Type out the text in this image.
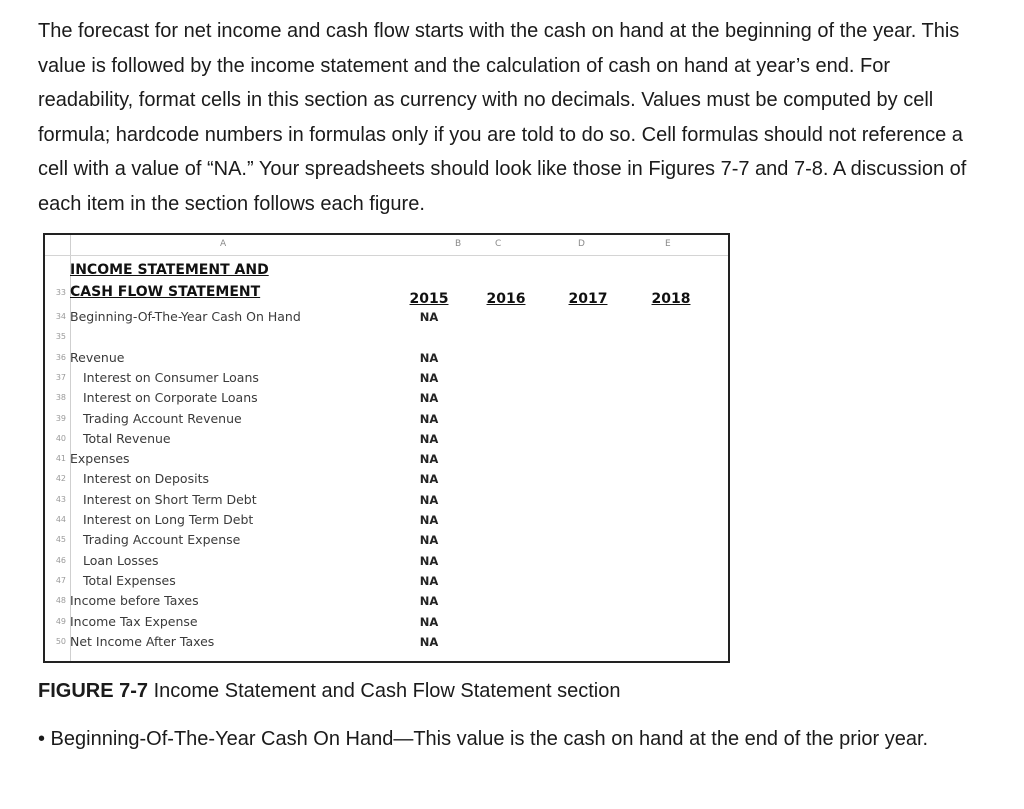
The forecast for net income and cash flow starts with the cash on hand at the beginning of the year. This value is followed by the income statement and the calculation of cash on hand at year’s end. For readability, format cells in this section as currency with no decimals. Values must be computed by cell formula; hardcode numbers in formulas only if you are told to do so. Cell formulas should not reference a cell with a value of “NA.” Your spreadsheets should look like those in Figures 7-7 and 7-8. A discussion of each item in the section follows each figure.

A	B	C	D	E
INCOME STATEMENT AND
33 CASH FLOW STATEMENT	2015	2016	2017	2018
34 Beginning-Of-The-Year Cash On Hand	NA
35
36 Revenue	NA
37 Interest on Consumer Loans	NA
38 Interest on Corporate Loans	NA
39 Trading Account Revenue	NA
40 Total Revenue	NA
41 Expenses	NA
42 Interest on Deposits	NA
43 Interest on Short Term Debt	NA
44 Interest on Long Term Debt	NA
45 Trading Account Expense	NA
46 Loan Losses	NA
47 Total Expenses	NA
48 Income before Taxes	NA
49 Income Tax Expense	NA
50 Net Income After Taxes	NA

FIGURE 7-7 Income Statement and Cash Flow Statement section

• Beginning-Of-The-Year Cash On Hand—This value is the cash on hand at the end of the prior year.
